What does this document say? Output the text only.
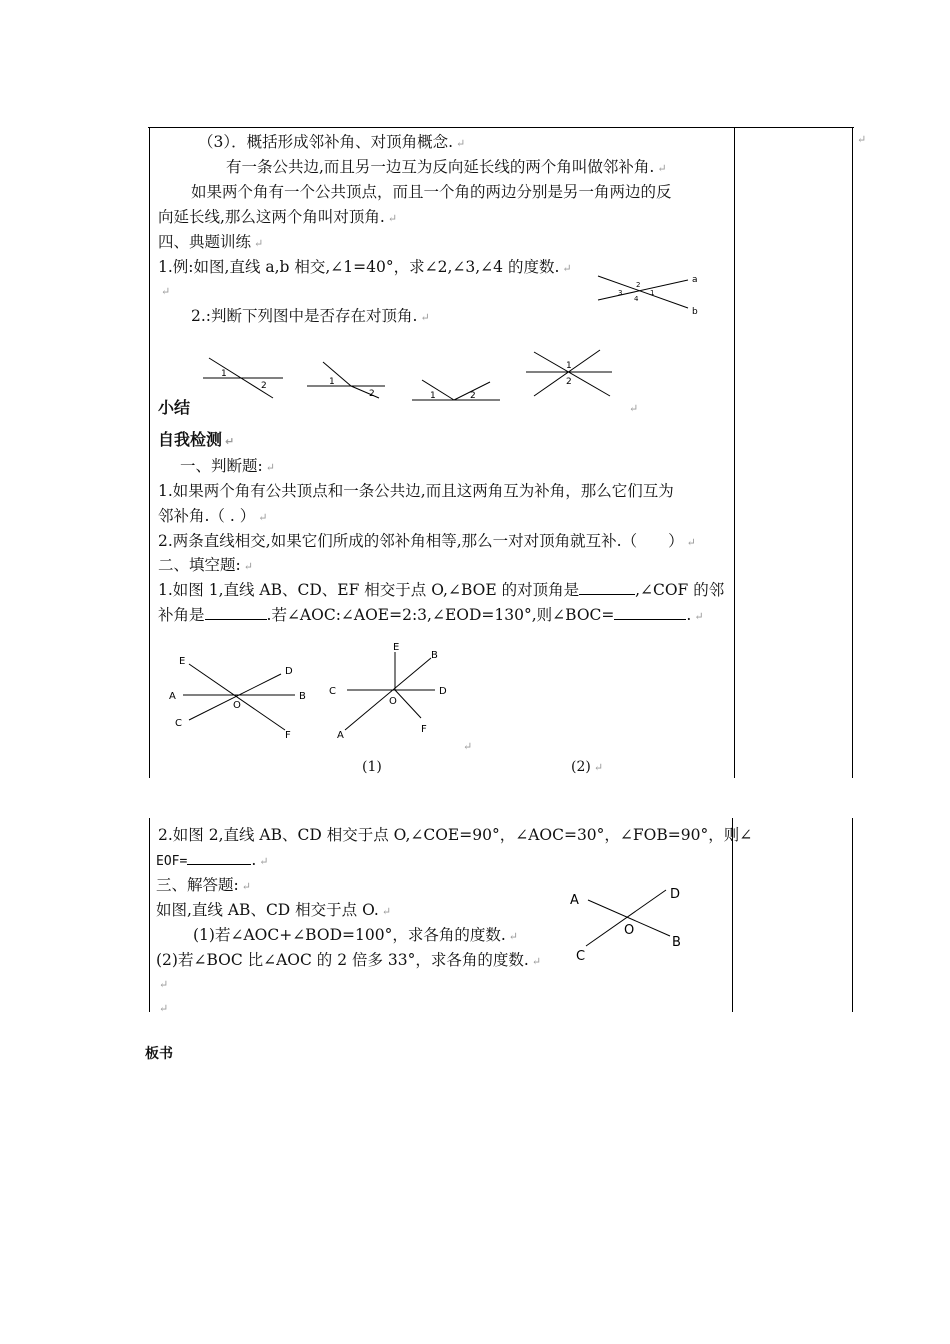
↵
（3）．概括形成邻补角、对顶角概念. ↵
有一条公共边,而且另一边互为反向延长线的两个角叫做邻补角. ↵
如果两个角有一个公共顶点，而且一个角的两边分别是另一角两边的反
向延长线,那么这两个角叫对顶角. ↵
四、典题训练 ↵
1.例:如图,直线 a,b 相交,∠1=40°，求∠2,∠3,∠4 的度数. ↵
↵
a
b
2
1
3
4
2.:判断下列图中是否存在对顶角. ↵
1
2	1
2	1	2
1
2
↵
小结
自我检测 ↵
一、判断题: ↵
1.如果两个角有公共顶点和一条公共边,而且这两角互为补角，那么它们互为
邻补角.（ . ） ↵
2.两条直线相交,如果它们所成的邻补角相等,那么一对对顶角就互补.（　　） ↵
二、填空题: ↵
1.如图 1,直线 AB、CD、EF 相交于点 O,∠BOE 的对顶角是	,∠COF 的邻
补角是	.若∠AOC:∠AOE=2:3,∠EOD=130°,则∠BOC=	. ↵
E
D
A	B
O
C
F
E
B
C	D
O
F
A
↵
(1)	(2) ↵
2.如图 2,直线 AB、CD 相交于点 O,∠COE=90°，∠AOC=30°，∠FOB=90°，则∠
EOF=	. ↵
三、解答题: ↵
如图,直线 AB、CD 相交于点 O. ↵
(1)若∠AOC+∠BOD=100°，求各角的度数. ↵
(2)若∠BOC 比∠AOC 的 2 倍多 33°，求各角的度数. ↵
↵
↵
A	D
O
B
C
板书
